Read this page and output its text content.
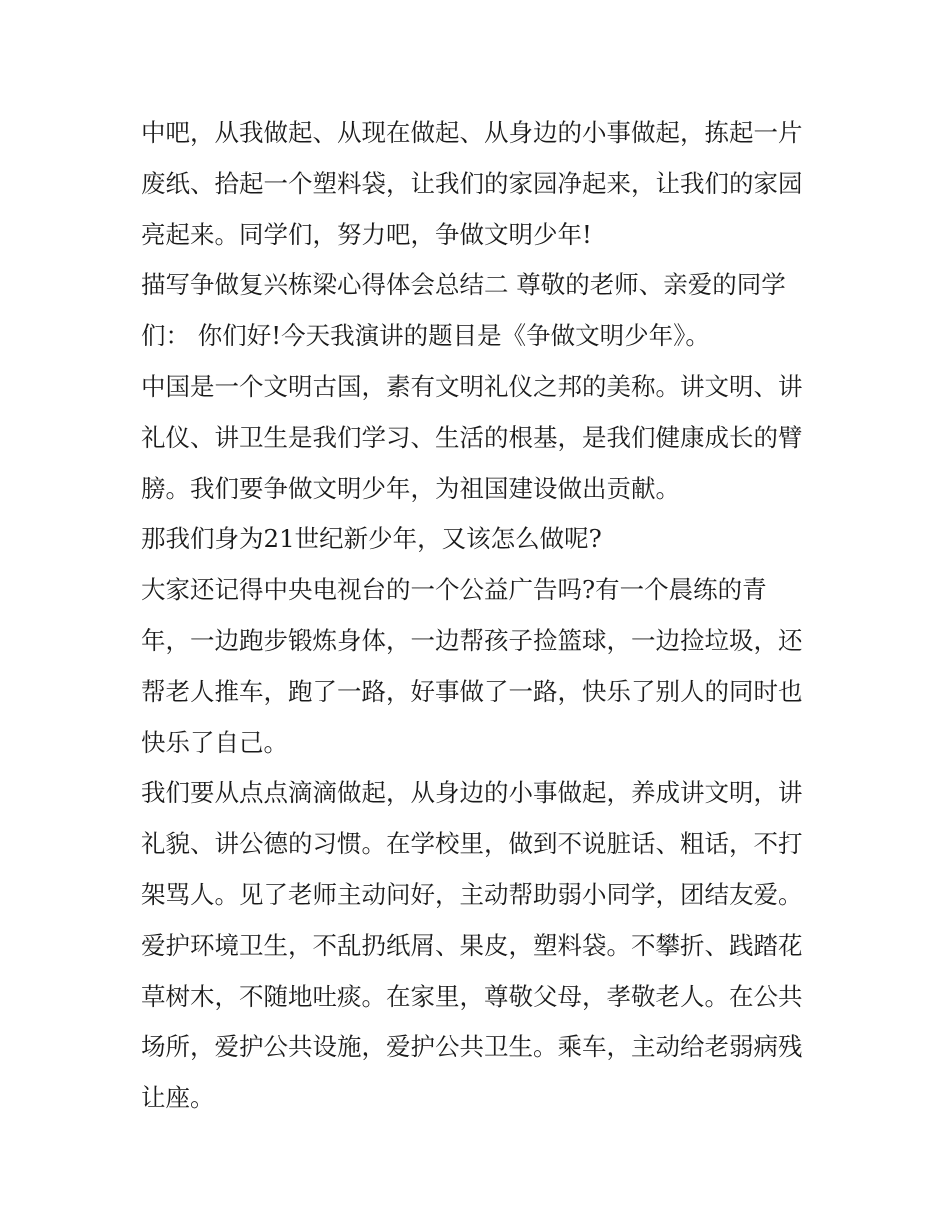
中吧，从我做起、从现在做起、从身边的小事做起，拣起一片
废纸、拾起一个塑料袋，让我们的家园净起来，让我们的家园
亮起来。同学们，努力吧，争做文明少年!
描写争做复兴栋梁心得体会总结二 尊敬的老师、亲爱的同学
们： 你们好!今天我演讲的题目是《争做文明少年》。
中国是一个文明古国，素有文明礼仪之邦的美称。讲文明、讲
礼仪、讲卫生是我们学习、生活的根基，是我们健康成长的臂
膀。我们要争做文明少年，为祖国建设做出贡献。
那我们身为21世纪新少年，又该怎么做呢?
大家还记得中央电视台的一个公益广告吗?有一个晨练的青
年，一边跑步锻炼身体，一边帮孩子捡篮球，一边捡垃圾，还
帮老人推车，跑了一路，好事做了一路，快乐了别人的同时也
快乐了自己。
我们要从点点滴滴做起，从身边的小事做起，养成讲文明，讲
礼貌、讲公德的习惯。在学校里，做到不说脏话、粗话，不打
架骂人。见了老师主动问好，主动帮助弱小同学，团结友爱。
爱护环境卫生，不乱扔纸屑、果皮，塑料袋。不攀折、践踏花
草树木，不随地吐痰。在家里，尊敬父母，孝敬老人。在公共
场所，爱护公共设施，爱护公共卫生。乘车，主动给老弱病残
让座。
